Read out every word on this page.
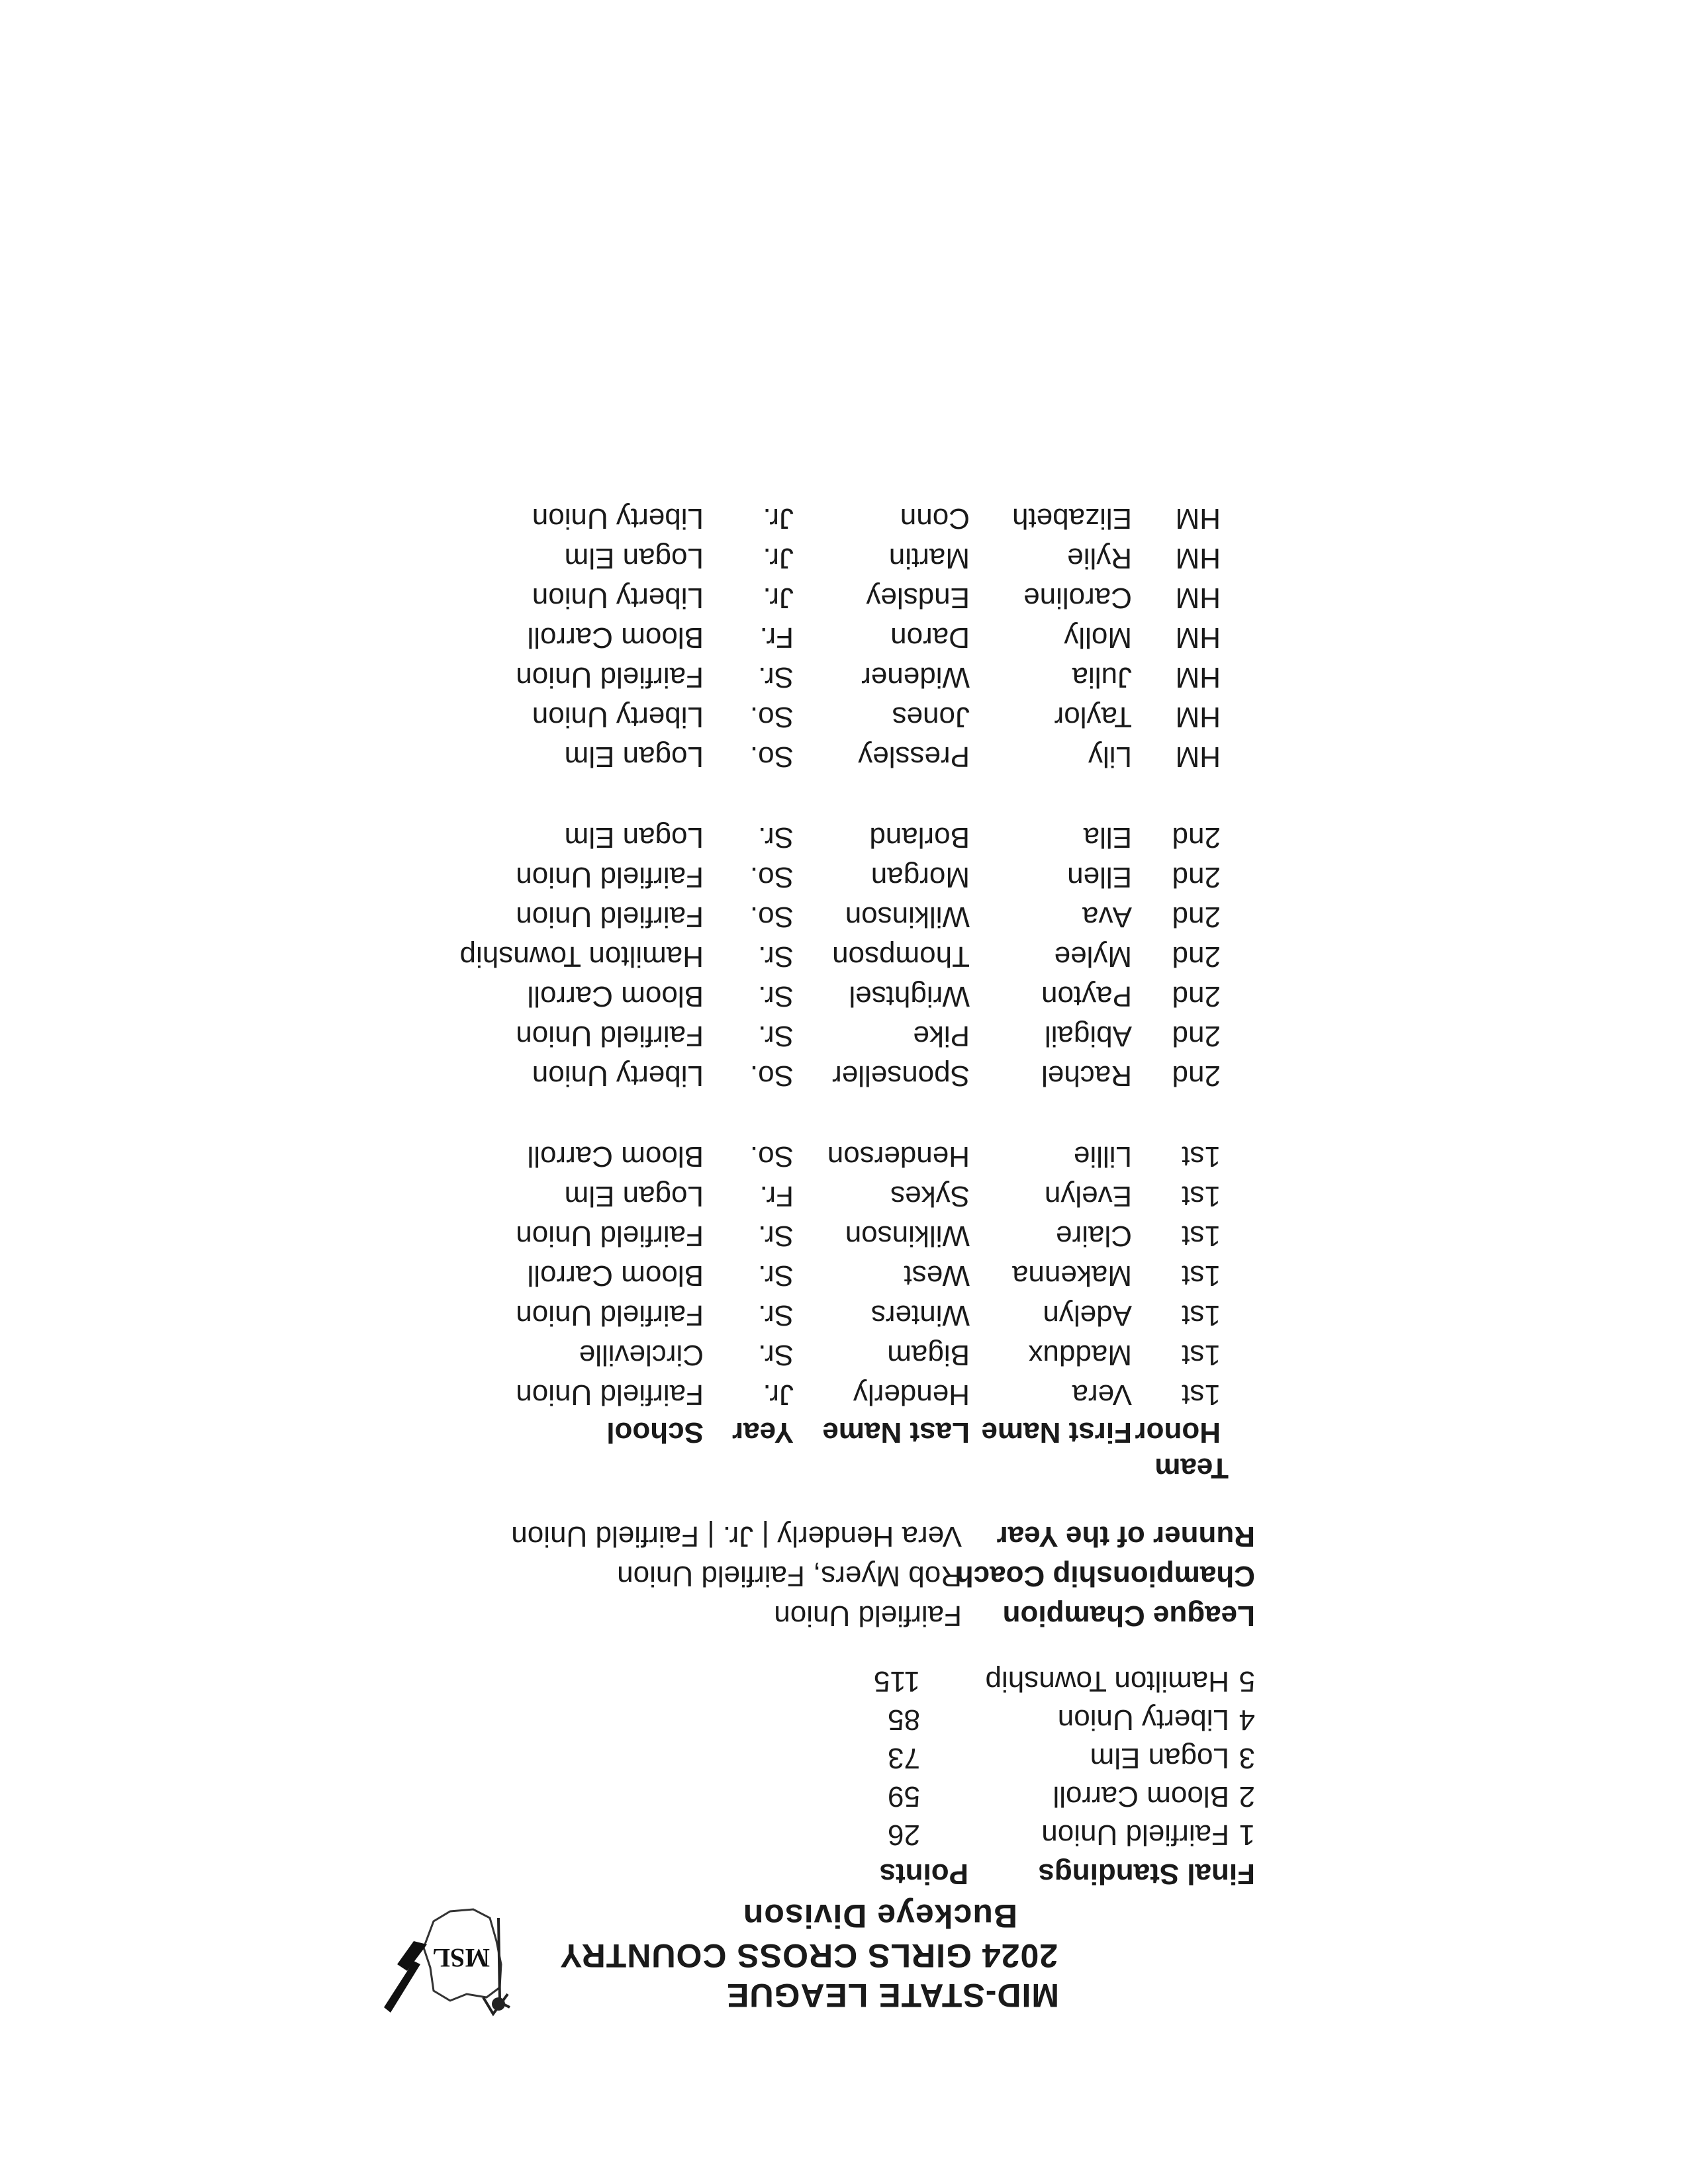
MSL
MID-STATE LEAGUE
2024 GIRLS CROSS COUNTRY
Buckeye Divison
Final Standings
Points
1
Fairfield Union
26
2
Bloom Carroll
59
3
Logan Elm
73
4
Liberty Union
85
5
Hamilton Township
115
League Champion
Fairfield Union
Championship Coach
Rob Myers, Fairfield Union
Runner of the Year
Vera Henderly | Jr. | Fairfield Union
Team
Honor
First Name
Last Name
Year
School
1st
Vera
Henderly
Jr.
Fairfield Union
1st
Maddux
Bigam
Sr.
Circleville
1st
Adelyn
Winters
Sr.
Fairfield Union
1st
Makenna
West
Sr.
Bloom Carroll
1st
Claire
Wilkinson
Sr.
Fairfield Union
1st
Evelyn
Sykes
Fr.
Logan Elm
1st
Lillie
Henderson
So.
Bloom Carroll
2nd
Rachel
Sponseller
So.
Liberty Union
2nd
Abigail
Pike
Sr.
Fairfield Union
2nd
Payton
Wrightsel
Sr.
Bloom Carroll
2nd
Mylee
Thompson
Sr.
Hamilton Township
2nd
Ava
Wilkinson
So.
Fairfield Union
2nd
Ellen
Morgan
So.
Fairfield Union
2nd
Ella
Borland
Sr.
Logan Elm
HM
Lily
Pressley
So.
Logan Elm
HM
Taylor
Jones
So.
Liberty Union
HM
Julia
Widener
Sr.
Fairfield Union
HM
Molly
Daron
Fr.
Bloom Carroll
HM
Caroline
Endsley
Jr.
Liberty Union
HM
Rylie
Martin
Jr.
Logan Elm
HM
Elizabeth
Conn
Jr.
Liberty Union
